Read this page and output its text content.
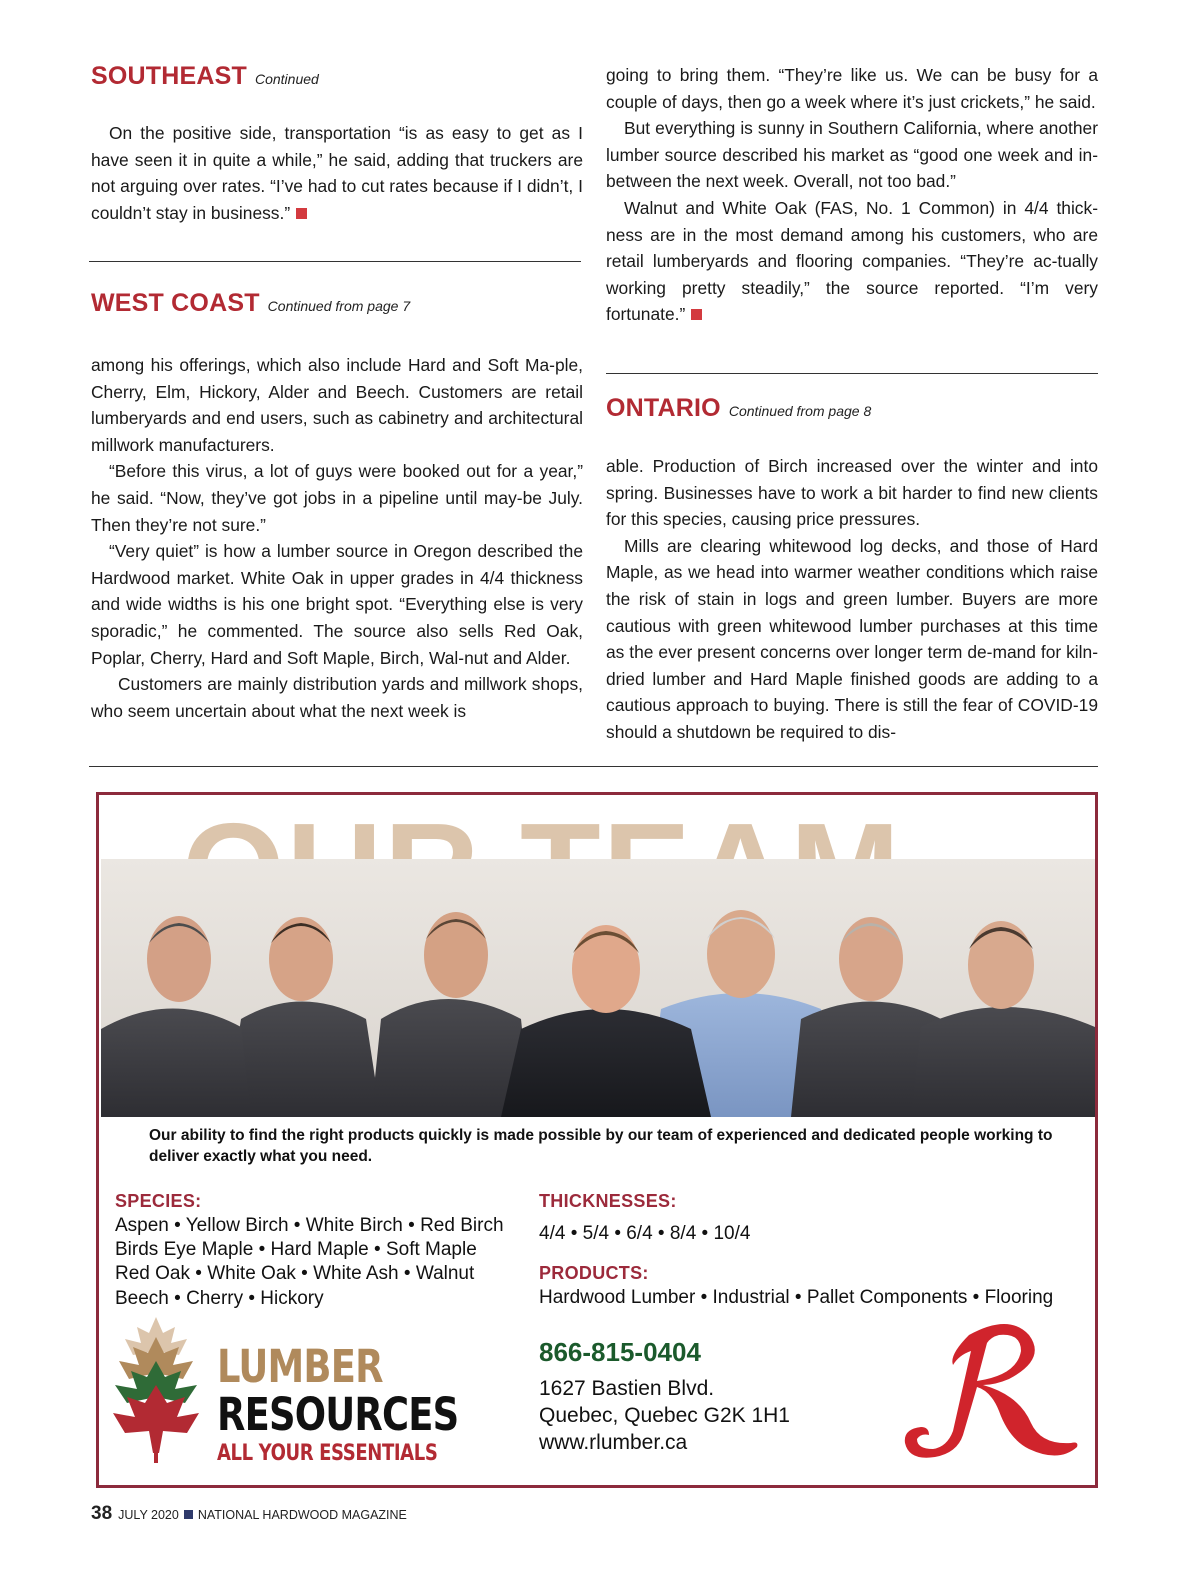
SOUTHEAST Continued

On the positive side, transportation “is as easy to get as I have seen it in quite a while,” he said, adding that truckers are not arguing over rates. “I’ve had to cut rates because if I didn’t, I couldn’t stay in business.”

WEST COAST Continued from page 7

among his offerings, which also include Hard and Soft Ma-ple, Cherry, Elm, Hickory, Alder and Beech. Customers are retail lumberyards and end users, such as cabinetry and architectural millwork manufacturers.

“Before this virus, a lot of guys were booked out for a year,” he said. “Now, they’ve got jobs in a pipeline until may-be July. Then they’re not sure.”

“Very quiet” is how a lumber source in Oregon described the Hardwood market. White Oak in upper grades in 4/4 thickness and wide widths is his one bright spot. “Everything else is very sporadic,” he commented. The source also sells Red Oak, Poplar, Cherry, Hard and Soft Maple, Birch, Wal-nut and Alder.

Customers are mainly distribution yards and millwork shops, who seem uncertain about what the next week is

going to bring them. “They’re like us. We can be busy for a couple of days, then go a week where it’s just crickets,” he said.

But everything is sunny in Southern California, where another lumber source described his market as “good one week and in-between the next week. Overall, not too bad.”

Walnut and White Oak (FAS, No. 1 Common) in 4/4 thick-ness are in the most demand among his customers, who are retail lumberyards and flooring companies. “They’re ac-tually working pretty steadily,” the source reported. “I’m very fortunate.”

ONTARIO Continued from page 8

able. Production of Birch increased over the winter and into spring. Businesses have to work a bit harder to find new clients for this species, causing price pressures.

Mills are clearing whitewood log decks, and those of Hard Maple, as we head into warmer weather conditions which raise the risk of stain in logs and green lumber. Buyers are more cautious with green whitewood lumber purchases at this time as the ever present concerns over longer term de-mand for kiln-dried lumber and Hard Maple finished goods are adding to a cautious approach to buying. There is still the fear of COVID-19 should a shutdown be required to dis-

Our ability to find the right products quickly is made possible by our team of experienced and dedicated people working to deliver exactly what you need.
SPECIES:
Aspen • Yellow Birch • White Birch • Red Birch
Birds Eye Maple • Hard Maple • Soft Maple
Red Oak • White Oak • White Ash • Walnut
Beech • Cherry • Hickory
THICKNESSES:
4/4 • 5/4 • 6/4 • 8/4 • 10/4
PRODUCTS:
Hardwood Lumber • Industrial • Pallet Components • Flooring
866-815-0404
1627 Bastien Blvd.
Quebec, Quebec G2K 1H1
www.rlumber.ca
LUMBER
RESOURCES
ALL YOUR ESSENTIALS
38 JULY 2020 NATIONAL HARDWOOD MAGAZINE
